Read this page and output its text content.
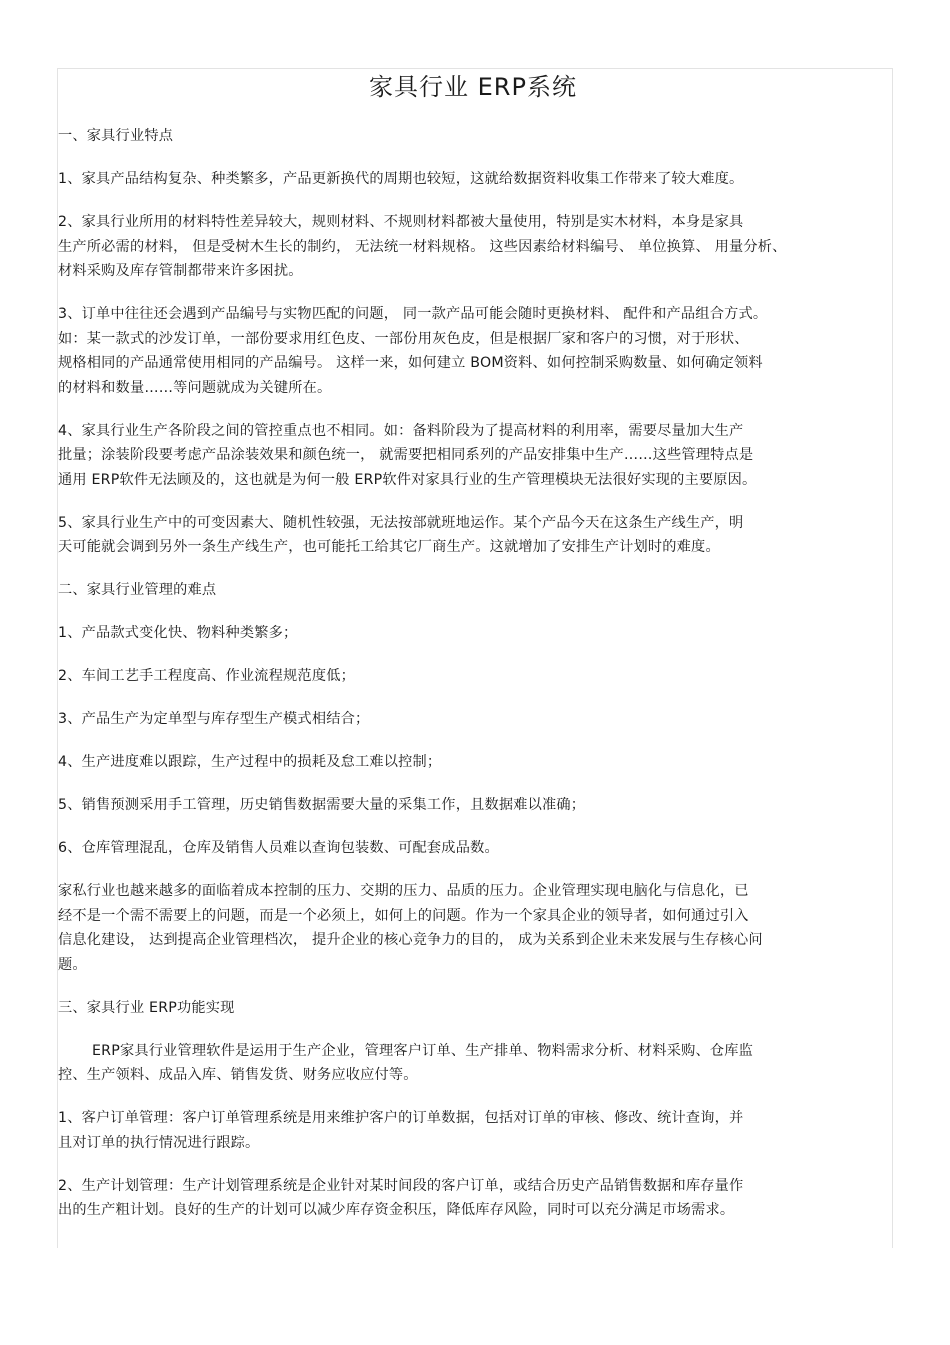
家具行业 ERP系统
一、家具行业特点
1、家具产品结构复杂、种类繁多，产品更新换代的周期也较短，这就给数据资料收集工作带来了较大难度。
2、家具行业所用的材料特性差异较大，规则材料、不规则材料都被大量使用，特别是实木材料，本身是家具
生产所必需的材料， 但是受树木生长的制约， 无法统一材料规格。 这些因素给材料编号、 单位换算、 用量分析、
材料采购及库存管制都带来许多困扰。
3、订单中往往还会遇到产品编号与实物匹配的问题， 同一款产品可能会随时更换材料、 配件和产品组合方式。
如：某一款式的沙发订单，一部份要求用红色皮、一部份用灰色皮，但是根据厂家和客户的习惯，对于形状、
规格相同的产品通常使用相同的产品编号。 这样一来，如何建立 BOM资料、如何控制采购数量、如何确定领料
的材料和数量……等问题就成为关键所在。
4、家具行业生产各阶段之间的管控重点也不相同。如：备料阶段为了提高材料的利用率，需要尽量加大生产
批量；涂装阶段要考虑产品涂装效果和颜色统一， 就需要把相同系列的产品安排集中生产……这些管理特点是
通用 ERP软件无法顾及的，这也就是为何一般 ERP软件对家具行业的生产管理模块无法很好实现的主要原因。
5、家具行业生产中的可变因素大、随机性较强，无法按部就班地运作。某个产品今天在这条生产线生产，明
天可能就会调到另外一条生产线生产，也可能托工给其它厂商生产。这就增加了安排生产计划时的难度。
二、家具行业管理的难点
1、产品款式变化快、物料种类繁多；
2、车间工艺手工程度高、作业流程规范度低；
3、产品生产为定单型与库存型生产模式相结合；
4、生产进度难以跟踪，生产过程中的损耗及怠工难以控制；
5、销售预测采用手工管理，历史销售数据需要大量的采集工作，且数据难以准确；
6、仓库管理混乱，仓库及销售人员难以查询包装数、可配套成品数。
家私行业也越来越多的面临着成本控制的压力、交期的压力、品质的压力。企业管理实现电脑化与信息化，已
经不是一个需不需要上的问题，而是一个必须上，如何上的问题。作为一个家具企业的领导者，如何通过引入
信息化建设， 达到提高企业管理档次， 提升企业的核心竞争力的目的， 成为关系到企业未来发展与生存核心问
题。
三、家具行业 ERP功能实现
ERP家具行业管理软件是运用于生产企业，管理客户订单、生产排单、物料需求分析、材料采购、仓库监
控、生产领料、成品入库、销售发货、财务应收应付等。
1、客户订单管理：客户订单管理系统是用来维护客户的订单数据，包括对订单的审核、修改、统计查询，并
且对订单的执行情况进行跟踪。
2、生产计划管理：生产计划管理系统是企业针对某时间段的客户订单，或结合历史产品销售数据和库存量作
出的生产粗计划。良好的生产的计划可以减少库存资金积压，降低库存风险，同时可以充分满足市场需求。
